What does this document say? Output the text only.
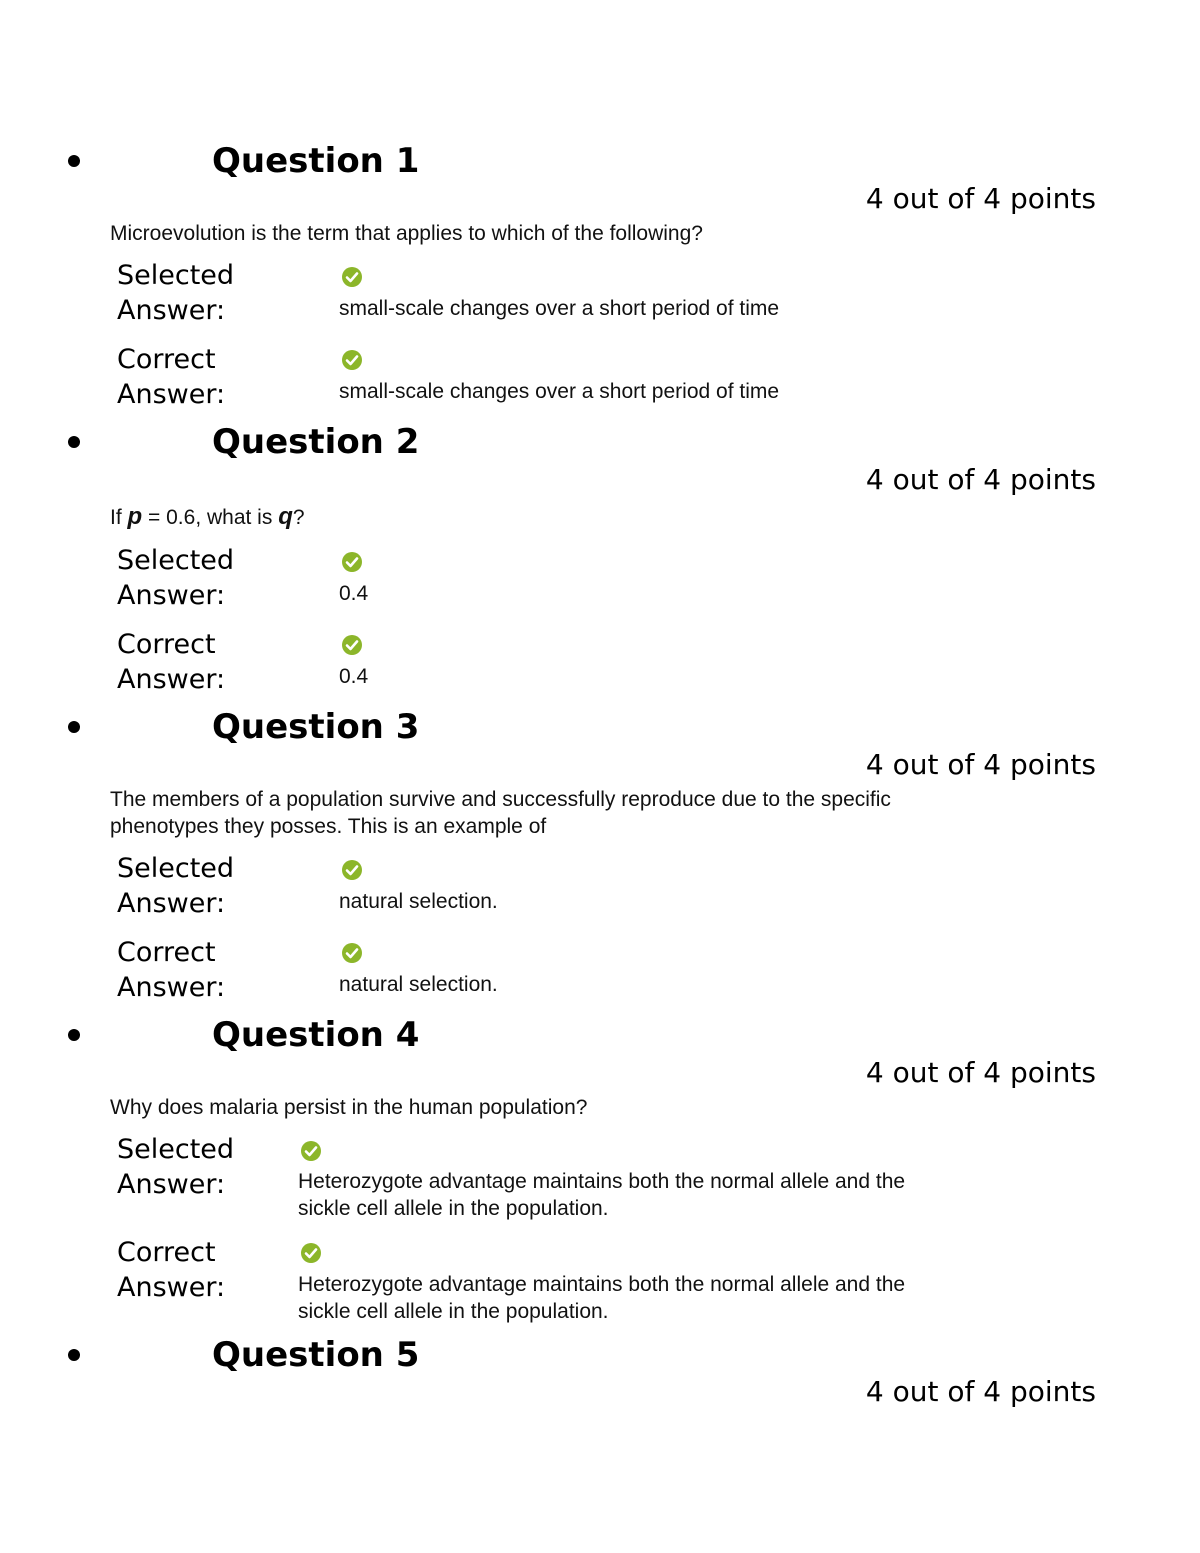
Question 1
4 out of 4 points
Microevolution is the term that applies to which of the following?
Selected
Answer:	small-scale changes over a short period of time
Correct
Answer:	small-scale changes over a short period of time
Question 2
4 out of 4 points
If p = 0.6, what is q?
Selected
Answer:	0.4
Correct
Answer:	0.4
Question 3
4 out of 4 points
The members of a population survive and successfully reproduce due to the specific
phenotypes they posses. This is an example of
Selected
Answer:	natural selection.
Correct
Answer:	natural selection.
Question 4
4 out of 4 points
Why does malaria persist in the human population?
Selected
Answer:	Heterozygote advantage maintains both the normal allele and the
sickle cell allele in the population.
Correct
Answer:	Heterozygote advantage maintains both the normal allele and the
sickle cell allele in the population.
Question 5
4 out of 4 points
